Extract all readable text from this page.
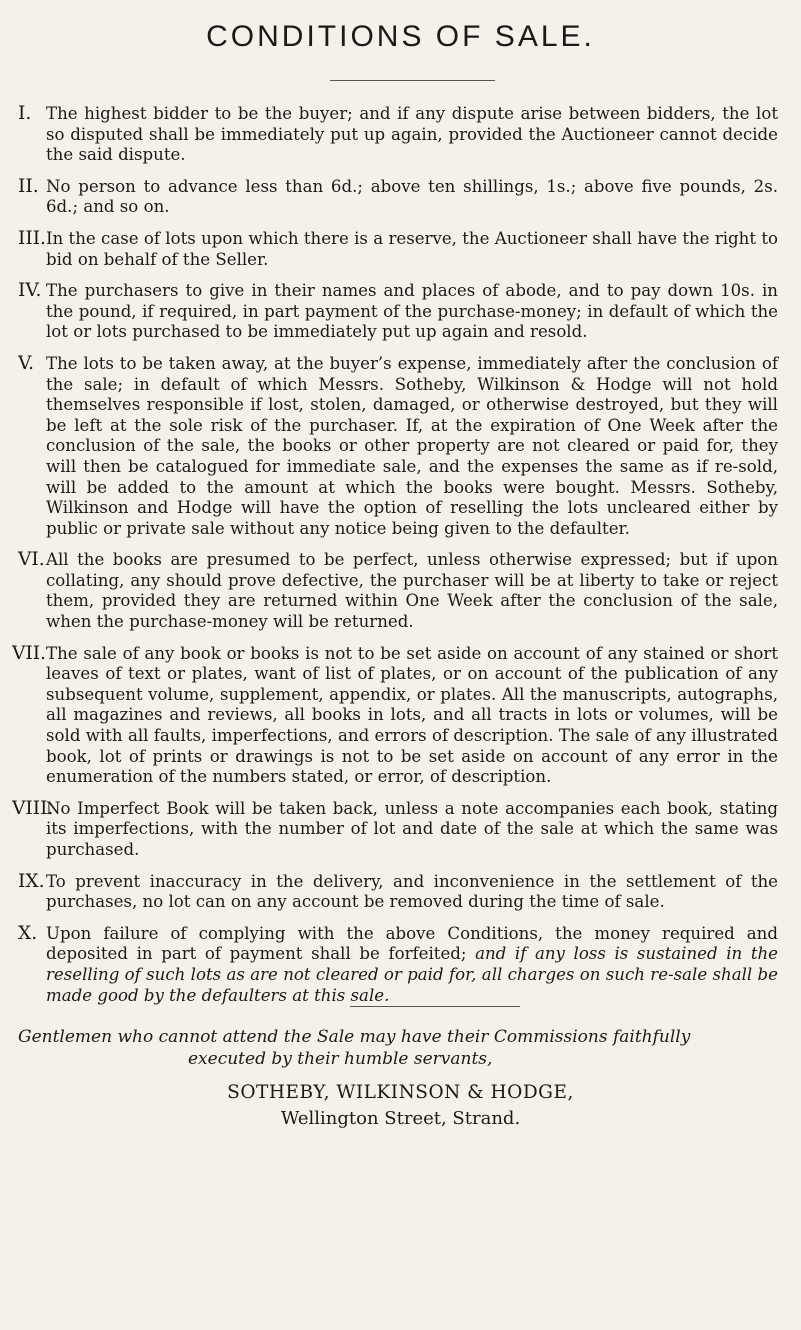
CONDITIONS OF SALE.
I. The highest bidder to be the buyer; and if any dispute arise between bidders, the lot so disputed shall be immediately put up again, provided the Auctioneer cannot decide the said dispute.
II. No person to advance less than 6d.; above ten shillings, 1s.; above five pounds, 2s. 6d.; and so on.
III. In the case of lots upon which there is a reserve, the Auctioneer shall have the right to bid on behalf of the Seller.
IV. The purchasers to give in their names and places of abode, and to pay down 10s. in the pound, if required, in part payment of the purchase-money; in default of which the lot or lots purchased to be immediately put up again and resold.
V. The lots to be taken away, at the buyer’s expense, immediately after the conclusion of the sale; in default of which Messrs. Sotheby, Wilkinson & Hodge will not hold themselves responsible if lost, stolen, damaged, or otherwise destroyed, but they will be left at the sole risk of the purchaser. If, at the expiration of One Week after the conclusion of the sale, the books or other property are not cleared or paid for, they will then be catalogued for immediate sale, and the expenses the same as if re-sold, will be added to the amount at which the books were bought. Messrs. Sotheby, Wilkinson and Hodge will have the option of reselling the lots uncleared either by public or private sale without any notice being given to the defaulter.
VI. All the books are presumed to be perfect, unless otherwise expressed; but if upon collating, any should prove defective, the purchaser will be at liberty to take or reject them, provided they are returned within One Week after the conclusion of the sale, when the purchase-money will be returned.
VII. The sale of any book or books is not to be set aside on account of any stained or short leaves of text or plates, want of list of plates, or on account of the publication of any subsequent volume, supplement, appendix, or plates. All the manuscripts, autographs, all magazines and reviews, all books in lots, and all tracts in lots or volumes, will be sold with all faults, imperfections, and errors of description. The sale of any illustrated book, lot of prints or drawings is not to be set aside on account of any error in the enumeration of the numbers stated, or error, of description.
VIII.
No Imperfect Book will be taken back, unless a note accompanies each book, stating its imperfections, with the number of lot and date of the sale at which the same was purchased.
IX. To prevent inaccuracy in the delivery, and inconvenience in the settlement of the purchases, no lot can on any account be removed during the time of sale.
X. Upon failure of complying with the above Conditions, the money required and deposited in part of payment shall be forfeited; and if any loss is sustained in the reselling of such lots as are not cleared or paid for, all charges on such re-sale shall be made good by the defaulters at this sale.
Gentlemen who cannot attend the Sale may have their Commissions faithfully
executed by their humble servants,
SOTHEBY, WILKINSON & HODGE,
Wellington Street, Strand.
